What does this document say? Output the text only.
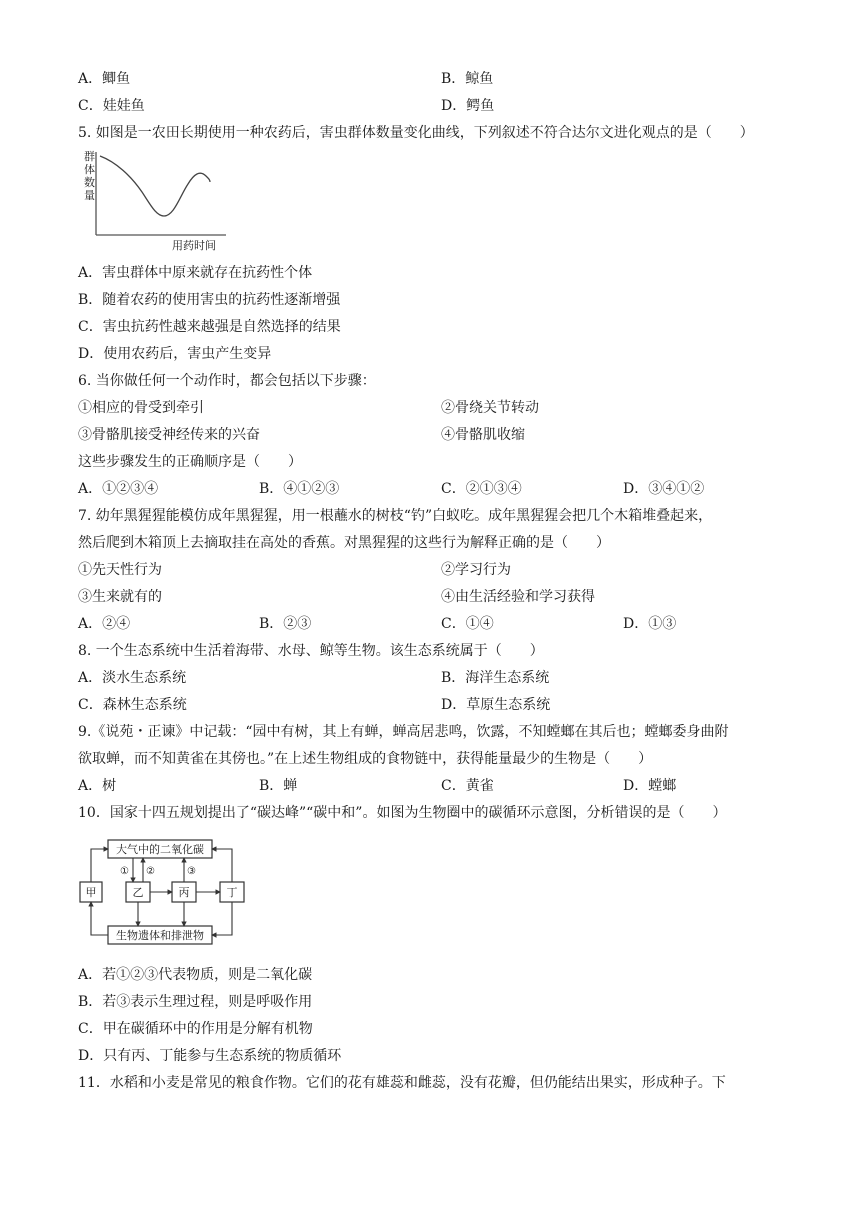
A．鲫鱼	B．鲸鱼
C．娃娃鱼	D．鳄鱼
5. 如图是一农田长期使用一种农药后，害虫群体数量变化曲线，下列叙述不符合达尔文进化观点的是（　　）
群
体
数
量
用药时间
A．害虫群体中原来就存在抗药性个体
B．随着农药的使用害虫的抗药性逐渐增强
C．害虫抗药性越来越强是自然选择的结果
D．使用农药后，害虫产生变异
6. 当你做任何一个动作时，都会包括以下步骤：
①相应的骨受到牵引	②骨绕关节转动
③骨骼肌接受神经传来的兴奋	④骨骼肌收缩
这些步骤发生的正确顺序是（　　）
A．①②③④	B．④①②③	C．②①③④	D．③④①②
7. 幼年黑猩猩能模仿成年黑猩猩，用一根蘸水的树枝“钓”白蚁吃。成年黑猩猩会把几个木箱堆叠起来，
然后爬到木箱顶上去摘取挂在高处的香蕉。对黑猩猩的这些行为解释正确的是（　　）
①先天性行为	②学习行为
③生来就有的	④由生活经验和学习获得
A．②④	B．②③	C．①④	D．①③
8. 一个生态系统中生活着海带、水母、鲸等生物。该生态系统属于（　　）
A．淡水生态系统	B．海洋生态系统
C．森林生态系统	D．草原生态系统
9.《说苑・正谏》中记载：“园中有树，其上有蝉，蝉高居悲鸣，饮露，不知螳螂在其后也；螳螂委身曲附
欲取蝉，而不知黄雀在其傍也。”在上述生物组成的食物链中，获得能量最少的生物是（　　）
A．树	B．蝉	C．黄雀	D．螳螂
10．国家十四五规划提出了“碳达峰”“碳中和”。如图为生物圈中的碳循环示意图，分析错误的是（　　）
大气中的二氧化碳
生物遗体和排泄物
甲	乙	丙	丁
① ②	③
A．若①②③代表物质，则是二氧化碳
B．若③表示生理过程，则是呼吸作用
C．甲在碳循环中的作用是分解有机物
D．只有丙、丁能参与生态系统的物质循环
11．水稻和小麦是常见的粮食作物。它们的花有雄蕊和雌蕊，没有花瓣，但仍能结出果实，形成种子。下
